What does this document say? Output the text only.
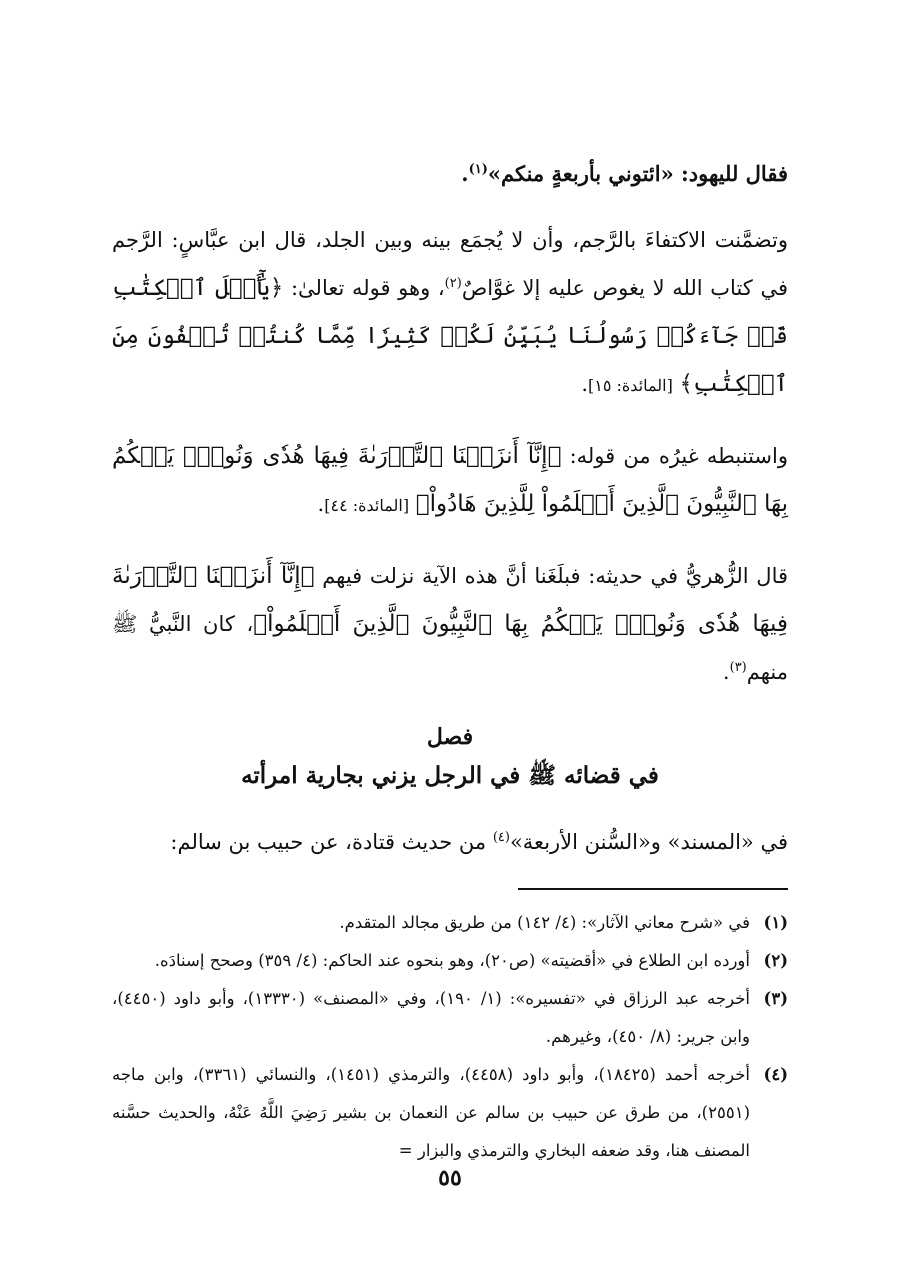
فقال لليهود: «ائتوني بأربعةٍ منكم»$^{(١)}$.

وتضمَّنت الاكتفاءَ بالرَّجم، وأن لا يُجمَع بينه وبين الجلد، قال ابن عبَّاسٍ: الرَّجم في كتاب الله لا يغوص عليه إلا غوَّاصٌ$^{(٢)}$، وهو قوله تعالىٰ: ﴿يَٰٓأَهۡلَ ٱلۡكِتَٰبِ قَدۡ جَآءَكُمۡ رَسُولُنَا يُبَيِّنُ لَكُمۡ كَثِيرٗا مِّمَّا كُنتُمۡ تُخۡفُونَ مِنَ ٱلۡكِتَٰبِ﴾ [المائدة: ١٥].

واستنبطه غيرُه من قوله: ﴿إِنَّآ أَنزَلۡنَا ٱلتَّوۡرَىٰةَ فِيهَا هُدٗى وَنُورٞۚ يَحۡكُمُ بِهَا ٱلنَّبِيُّونَ ٱلَّذِينَ أَسۡلَمُواْ لِلَّذِينَ هَادُواْ﴾ [المائدة: ٤٤].

قال الزُّهريُّ في حديثه: فبلَغَنا أنَّ هذه الآية نزلت فيهم ﴿إِنَّآ أَنزَلۡنَا ٱلتَّوۡرَىٰةَ فِيهَا هُدٗى وَنُورٞۚ يَحۡكُمُ بِهَا ٱلنَّبِيُّونَ ٱلَّذِينَ أَسۡلَمُواْ﴾، كان النَّبيُّ ﷺ منهم$^{(٣)}$.

فصل
في قضائه ﷺ في الرجل يزني بجارية امرأته

في «المسند» و«السُّنن الأربعة»$^{(٤)}$ من حديث قتادة، عن حبيب بن سالم:

(١)
في «شرح معاني الآثار»: (٤/ ١٤٢) من طريق مجالد المتقدم.
(٢)
أورده ابن الطلاع في «أقضيته» (ص٢٠)، وهو بنحوه عند الحاكم: (٤/ ٣٥٩) وصحح إسنادَه.
(٣)
أخرجه عبد الرزاق في «تفسيره»: (١/ ١٩٠)، وفي «المصنف» (١٣٣٣٠)، وأبو داود (٤٤٥٠)، وابن جرير: (٨/ ٤٥٠)، وغيرهم.
(٤)
أخرجه أحمد (١٨٤٢٥)، وأبو داود (٤٤٥٨)، والترمذي (١٤٥١)، والنسائي (٣٣٦١)، وابن ماجه (٢٥٥١)، من طرق عن حبيب بن سالم عن النعمان بن بشير رَضِيَ اللَّهُ عَنْهُ، والحديث حسَّنه المصنف هنا، وقد ضعفه البخاري والترمذي والبزار =
٥٥
